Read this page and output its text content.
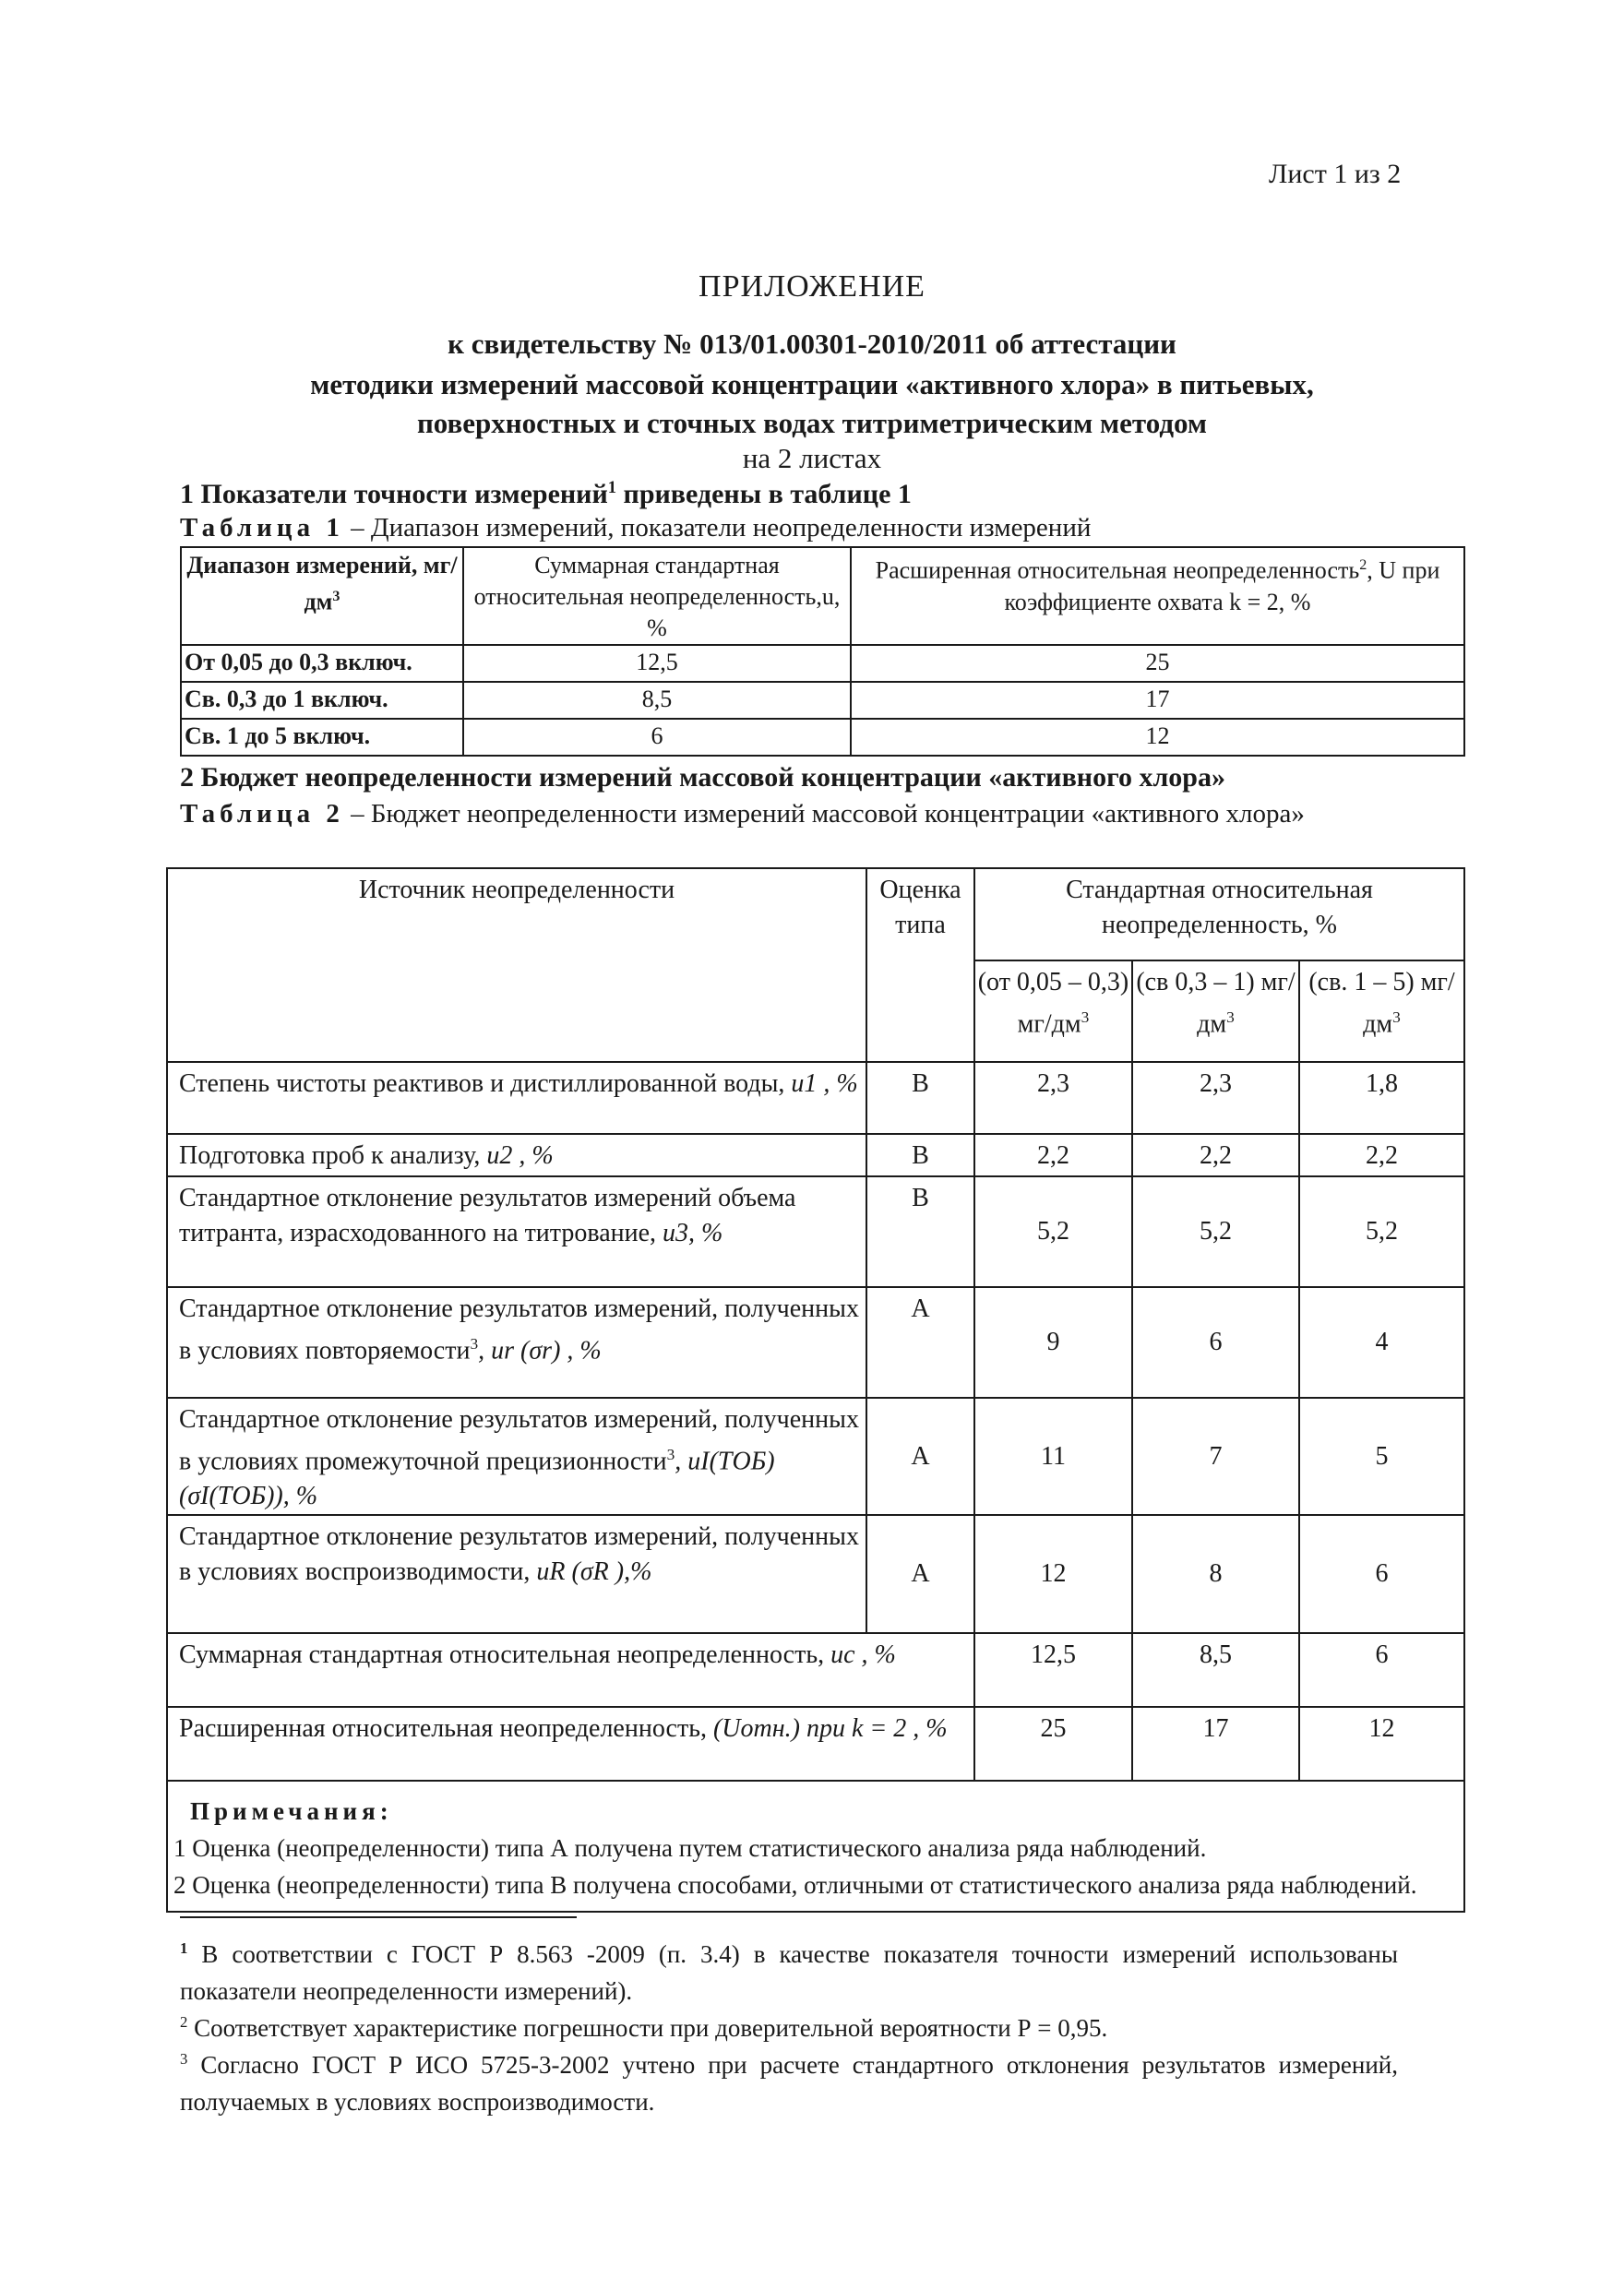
Лист 1 из 2
ПРИЛОЖЕНИЕ
к свидетельству № 013/01.00301-2010/2011 об аттестации
методики измерений массовой концентрации «активного хлора» в питьевых,
поверхностных и сточных водах титриметрическим методом
на 2 листах
1 Показатели точности измерений$^1$ приведены в таблице 1
Таблица 1 – Диапазон измерений, показатели неопределенности измерений
Диапазон измерений, $мг/дм^3$	Суммарная стандартная относительная неопределенность,u, %	Расширенная относительная неопределенность$^2$, U при коэффициенте охвата k = 2, %
От 0,05 до 0,3 включ.	12,5	25
Св. 0,3 до 1 включ.	8,5	17
Св. 1 до 5 включ.	6	12
2 Бюджет неопределенности измерений массовой концентрации «активного хлора»
Таблица 2 – Бюджет неопределенности измерений массовой концентрации «активного хлора»
Источник неопределенности	Оценка типа	Стандартная относительная неопределенность, %		
		(от 0,05 – 0,3) $мг/дм^3$	(св 0,3 – 1) $мг/дм^3$	(св. 1 – 5) $мг/дм^3$
Степень чистоты реактивов и дистиллированной воды, u1 , %	В	2,3	2,3	1,8
Подготовка проб к анализу, u2 , %	В	2,2	2,2	2,2
Стандартное отклонение результатов измерений объема титранта, израсходованного на титрование, u3, %	В	5,2	5,2	5,2
Стандартное отклонение результатов измерений, полученных в условиях повторяемости$^3$, ur (σr) , %	А	9	6	4
Стандартное отклонение результатов измерений, полученных в условиях промежуточной прецизионности$^3$, uI(ТОБ) (σI(ТОБ)), %	А	11	7	5
Стандартное отклонение результатов измерений, полученных в условиях воспроизводимости, uR (σR ),%	А	12	8	6
Суммарная стандартная относительная неопределенность, uc , %		12,5	8,5	6
Расширенная относительная неопределенность, (Uотн.) при k = 2 , %		25	17	12

Примечания:
1 Оценка (неопределенности) типа А получена путем статистического анализа ряда наблюдений.
2 Оценка (неопределенности) типа В получена способами, отличными от статистического анализа ряда наблюдений.				
$^1$ В соответствии с ГОСТ Р 8.563 -2009 (п. 3.4) в качестве показателя точности измерений использованы показатели неопределенности измерений).
$^2$ Соответствует характеристике погрешности при доверительной вероятности Р = 0,95.
$^3$ Согласно ГОСТ Р ИСО 5725-3-2002 учтено при расчете стандартного отклонения результатов измерений, получаемых в условиях воспроизводимости.
